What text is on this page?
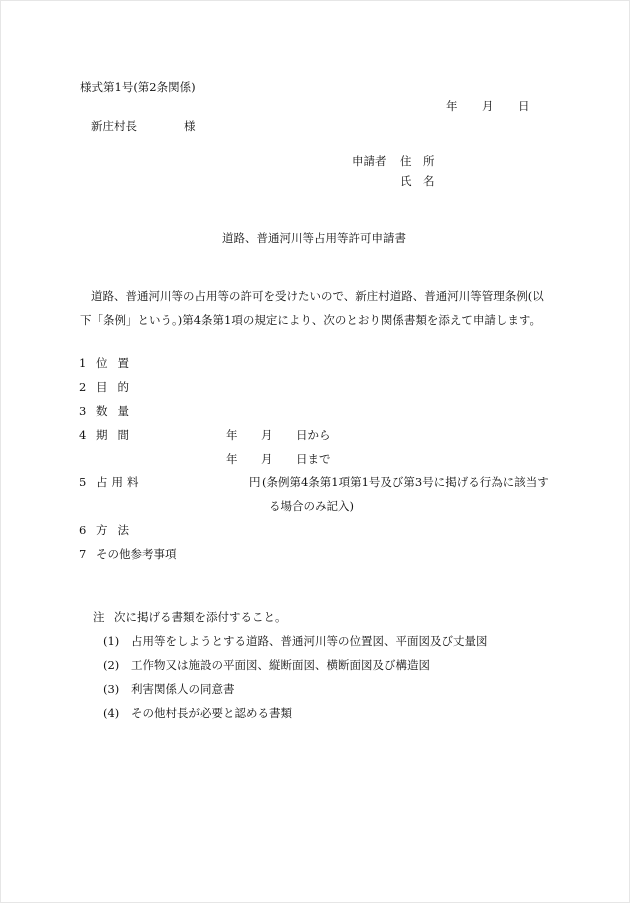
様式第1号(第2条関係)
年 月 日
新庄村長	様
申請者 住　所
氏　名
道路、普通河川等占用等許可申請書
道路、普通河川等の占用等の許可を受けたいので、新庄村道路、普通河川等管理条例(以
下「条例」という。)第4条第1項の規定により、次のとおり関係書類を添えて申請します。
1 位置
2 目的
3 数量
4 期間	年 月 日から
年 月 日まで
5 占用料	円 (条例第4条第1項第1号及び第3号に掲げる行為に該当す
る場合のみ記入)
6 方法
7 その他参考事項
注 次に掲げる書類を添付すること。
(1) 占用等をしようとする道路、普通河川等の位置図、平面図及び丈量図
(2) 工作物又は施設の平面図、縦断面図、横断面図及び構造図
(3) 利害関係人の同意書
(4) その他村長が必要と認める書類
